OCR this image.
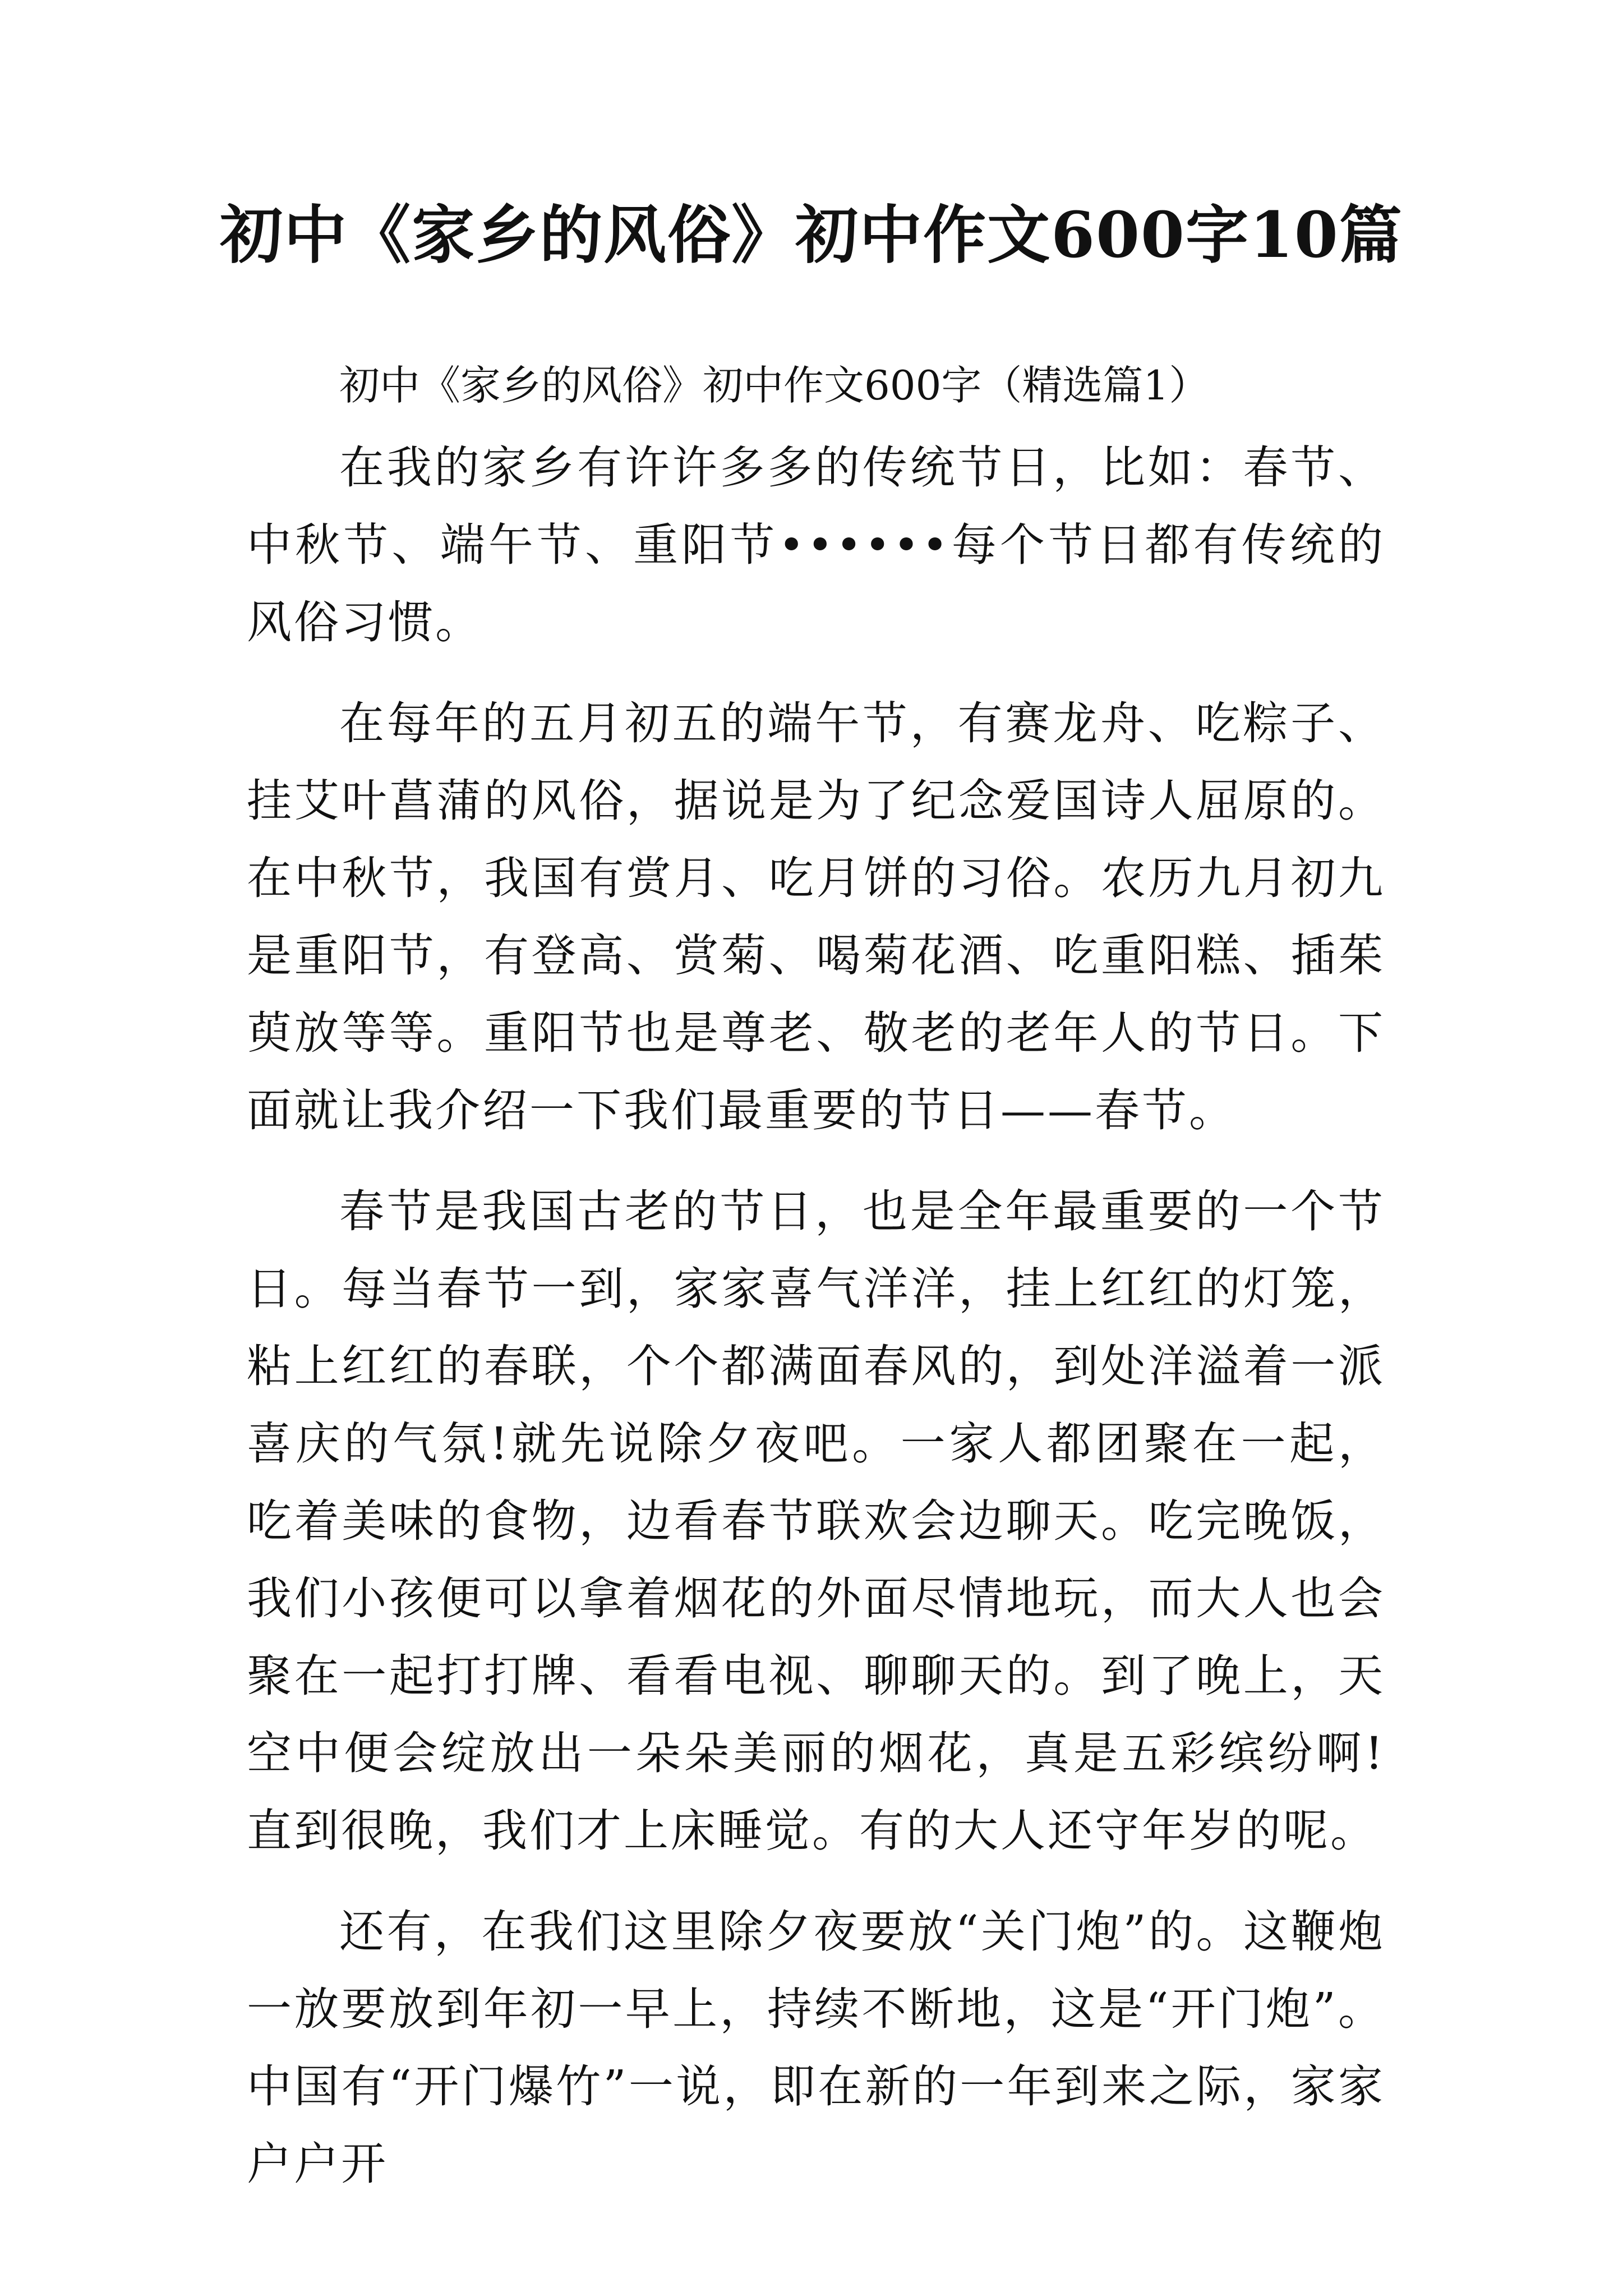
初中《家乡的风俗》初中作文600字10篇

初中《家乡的风俗》初中作文600字（精选篇1）

在我的家乡有许许多多的传统节日，比如：春节、中秋节、端午节、重阳节••••••每个节日都有传统的风俗习惯。

在每年的五月初五的端午节，有赛龙舟、吃粽子、挂艾叶菖蒲的风俗，据说是为了纪念爱国诗人屈原的。在中秋节，我国有赏月、吃月饼的习俗。农历九月初九是重阳节，有登高、赏菊、喝菊花酒、吃重阳糕、插茱萸放等等。重阳节也是尊老、敬老的老年人的节日。下面就让我介绍一下我们最重要的节日——春节。

春节是我国古老的节日，也是全年最重要的一个节日。每当春节一到，家家喜气洋洋，挂上红红的灯笼，粘上红红的春联，个个都满面春风的，到处洋溢着一派喜庆的气氛!就先说除夕夜吧。一家人都团聚在一起，吃着美味的食物，边看春节联欢会边聊天。吃完晚饭，我们小孩便可以拿着烟花的外面尽情地玩，而大人也会聚在一起打打牌、看看电视、聊聊天的。到了晚上，天空中便会绽放出一朵朵美丽的烟花，真是五彩缤纷啊!直到很晚，我们才上床睡觉。有的大人还守年岁的呢。

还有，在我们这里除夕夜要放“关门炮”的。这鞭炮一放要放到年初一早上，持续不断地，这是“开门炮”。中国有“开门爆竹”一说，即在新的一年到来之际，家家户户开
